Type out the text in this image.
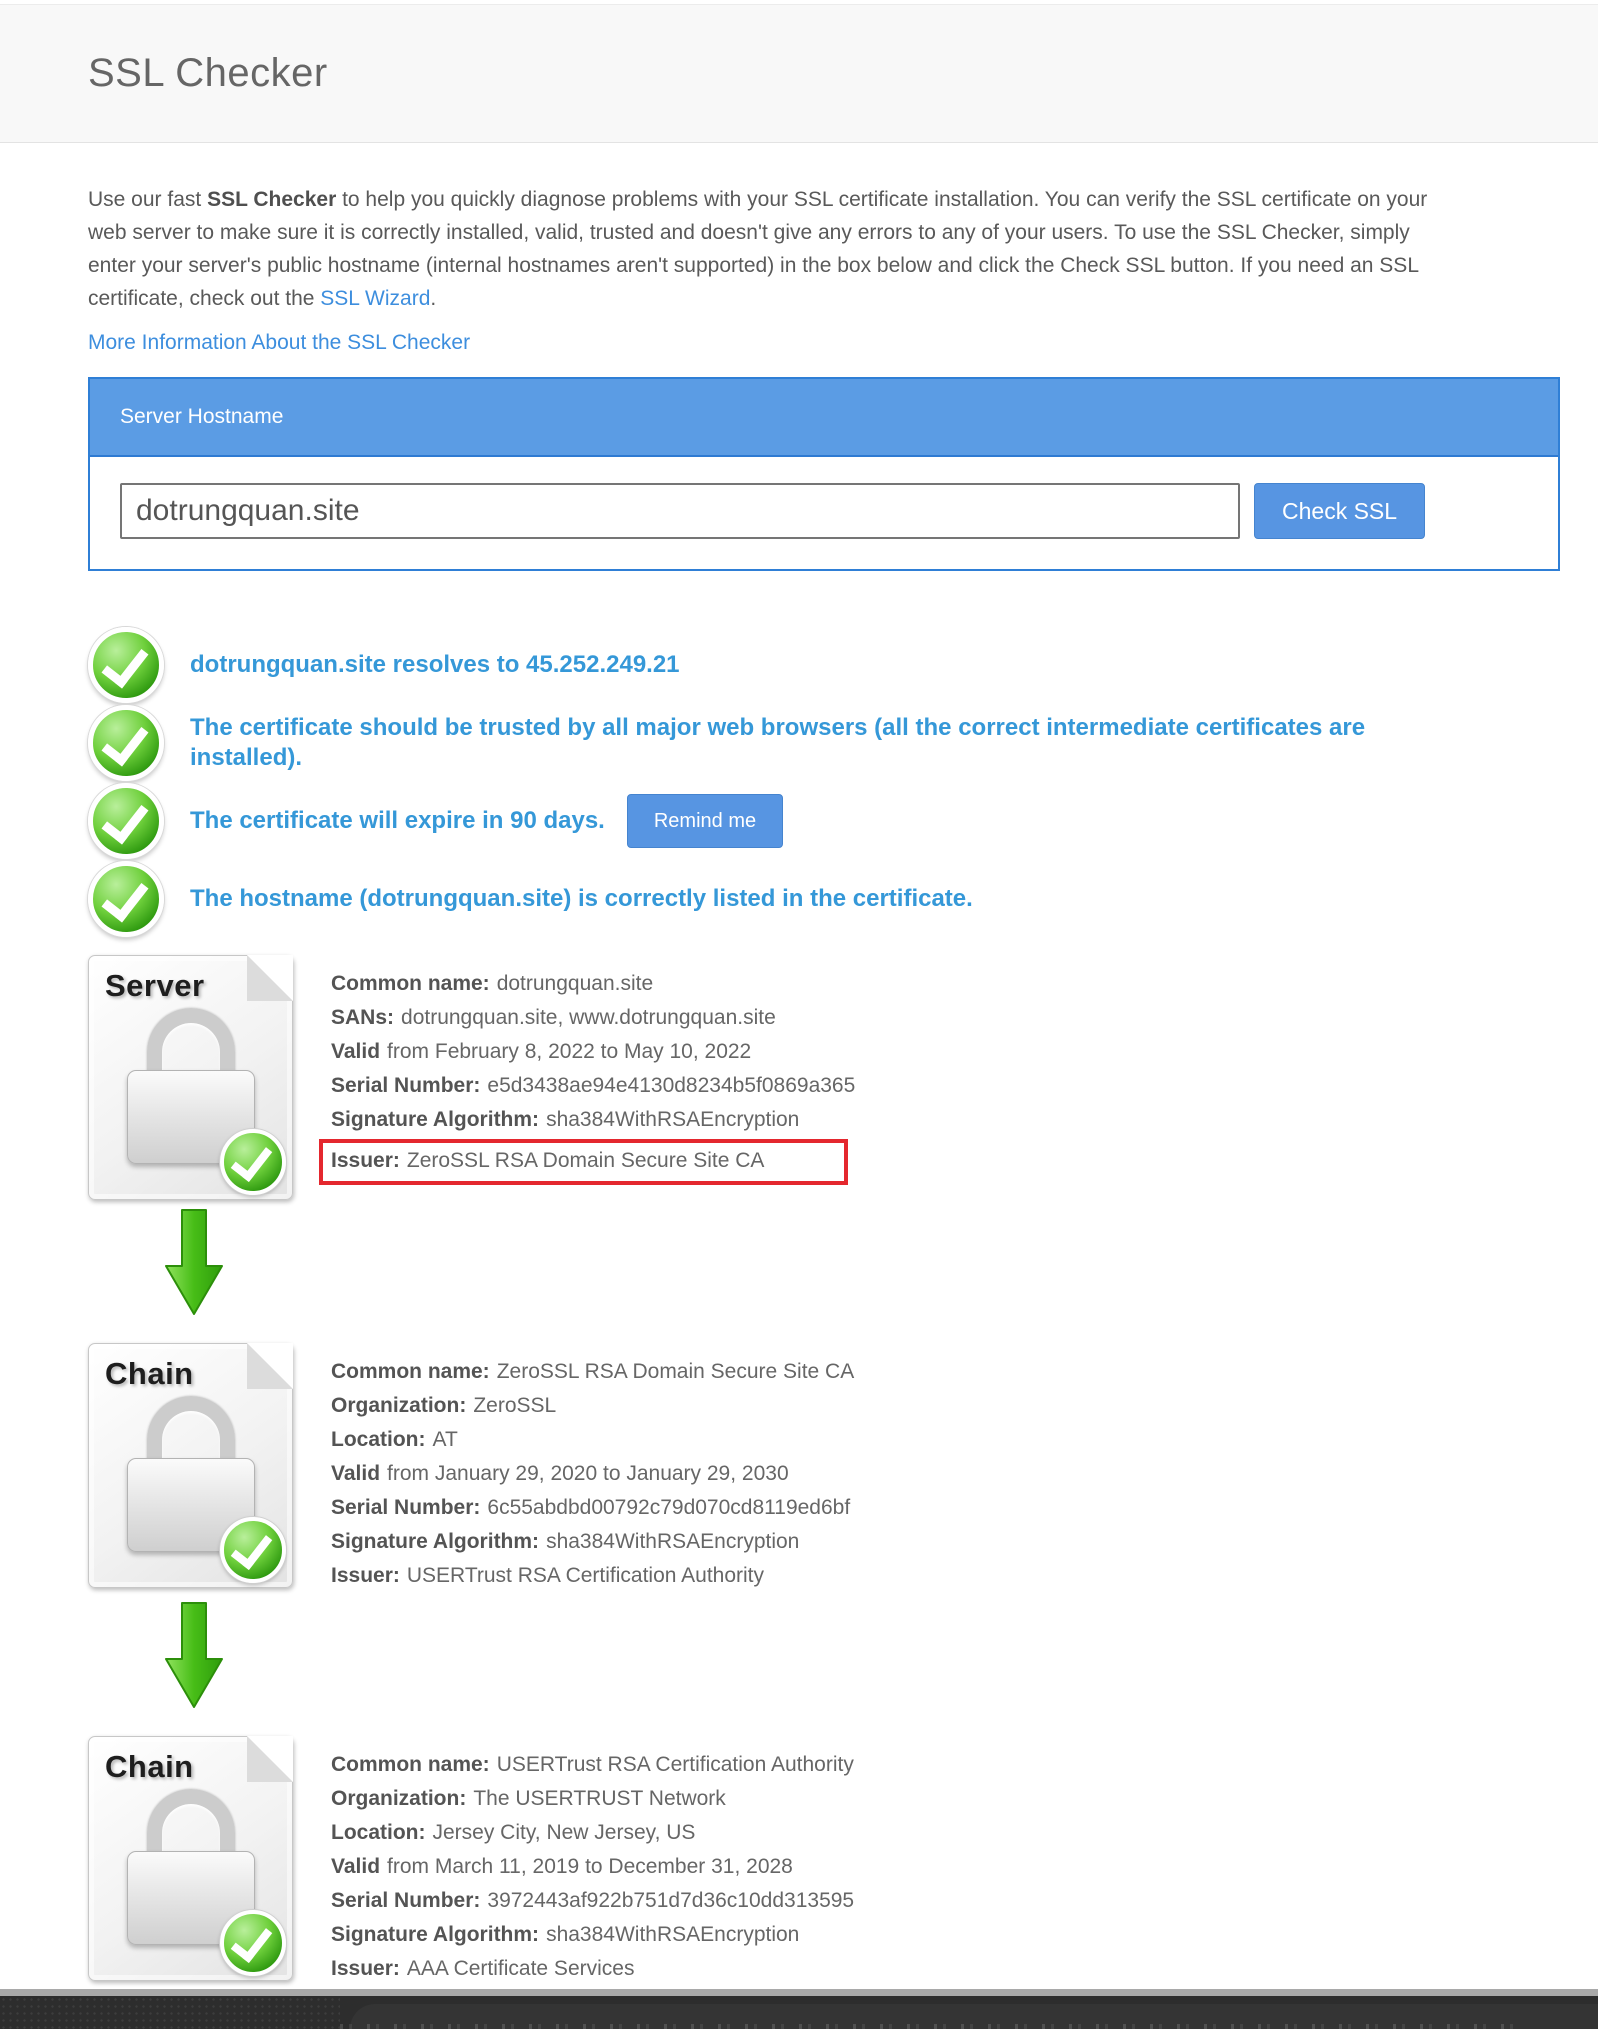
SSL Checker

Use our fast SSL Checker to help you quickly diagnose problems with your SSL certificate installation. You can verify the SSL certificate on your web server to make sure it is correctly installed, valid, trusted and doesn't give any errors to any of your users. To use the SSL Checker, simply enter your server's public hostname (internal hostnames aren't supported) in the box below and click the Check SSL button. If you need an SSL certificate, check out the SSL Wizard.

More Information About the SSL Checker
Server Hostname
dotrungquan.site
Check SSL
dotrungquan.site resolves to 45.252.249.21
The certificate should be trusted by all major web browsers (all the correct intermediate certificates are installed).
The certificate will expire in 90 days.	Remind me
The hostname (dotrungquan.site) is correctly listed in the certificate.
Server	Common name: dotrungquan.site
SANs: dotrungquan.site, www.dotrungquan.site
Valid from February 8, 2022 to May 10, 2022
Serial Number: e5d3438ae94e4130d8234b5f0869a365
Signature Algorithm: sha384WithRSAEncryption
Issuer: ZeroSSL RSA Domain Secure Site CA
Chain	Common name: ZeroSSL RSA Domain Secure Site CA
Organization: ZeroSSL
Location: AT
Valid from January 29, 2020 to January 29, 2030
Serial Number: 6c55abdbd00792c79d070cd8119ed6bf
Signature Algorithm: sha384WithRSAEncryption
Issuer: USERTrust RSA Certification Authority
Chain	Common name: USERTrust RSA Certification Authority
Organization: The USERTRUST Network
Location: Jersey City, New Jersey, US
Valid from March 11, 2019 to December 31, 2028
Serial Number: 3972443af922b751d7d36c10dd313595
Signature Algorithm: sha384WithRSAEncryption
Issuer: AAA Certificate Services
